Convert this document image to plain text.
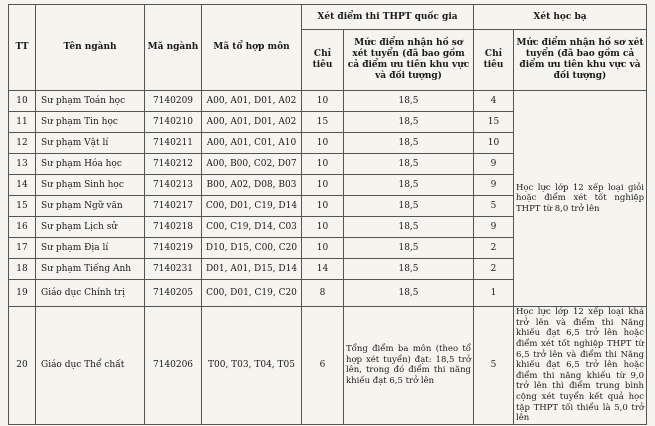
TT	Tên ngành	Mã ngành	Mã tổ hợp môn	Xét điểm thi THPT quốc gia		Xét học bạ	
				Chỉ tiêu	Mức điểm nhận hồ sơ xét tuyển (đã bao gồm cả điểm ưu tiên khu vực và đối tượng)	Chỉ tiêu	Mức điểm nhận hồ sơ xét tuyển (đã bao gồm cả điểm ưu tiên khu vực và đối tượng)
10	Sư phạm Toán học	7140209	A00, A01, D01, A02	10	18,5	4	Học lực lớp 12 xếp loại giỏi hoặc điểm xét tốt nghiệp THPT từ 8,0 trở lên
11	Sư phạm Tin học	7140210	A00, A01, D01, A02	15	18,5	15	
12	Sư phạm Vật lí	7140211	A00, A01, C01, A10	10	18,5	10	
13	Sư phạm Hóa học	7140212	A00, B00, C02, D07	10	18,5	9	
14	Sư phạm Sinh học	7140213	B00, A02, D08, B03	10	18,5	9	
15	Sư phạm Ngữ văn	7140217	C00, D01, C19, D14	10	18,5	5	
16	Sư phạm Lịch sử	7140218	C00, C19, D14, C03	10	18,5	9	
17	Sư phạm Địa lí	7140219	D10, D15, C00, C20	10	18,5	2	
18	Sư phạm Tiếng Anh	7140231	D01, A01, D15, D14	14	18,5	2	
19	Giáo dục Chính trị	7140205	C00, D01, C19, C20	8	18,5	1	
20	Giáo dục Thể chất	7140206	T00, T03, T04, T05	6	Tổng điểm ba môn (theo tổ hợp xét tuyển) đạt: 18,5 trở lên, trong đó điểm thi năng khiếu đạt 6,5 trở lên	5	Học lực lớp 12 xếp loại khá trở lên và điểm thi Năng khiếu đạt 6,5 trở lên hoặc điểm xét tốt nghiệp THPT từ 6,5 trở lên và điểm thi Năng khiếu đạt 6,5 trở lên hoặc điểm thi năng khiếu từ 9,0 trở lên thì điểm trung bình cộng xét tuyển kết quả học tập THPT tối thiểu là 5,0 trở lên
